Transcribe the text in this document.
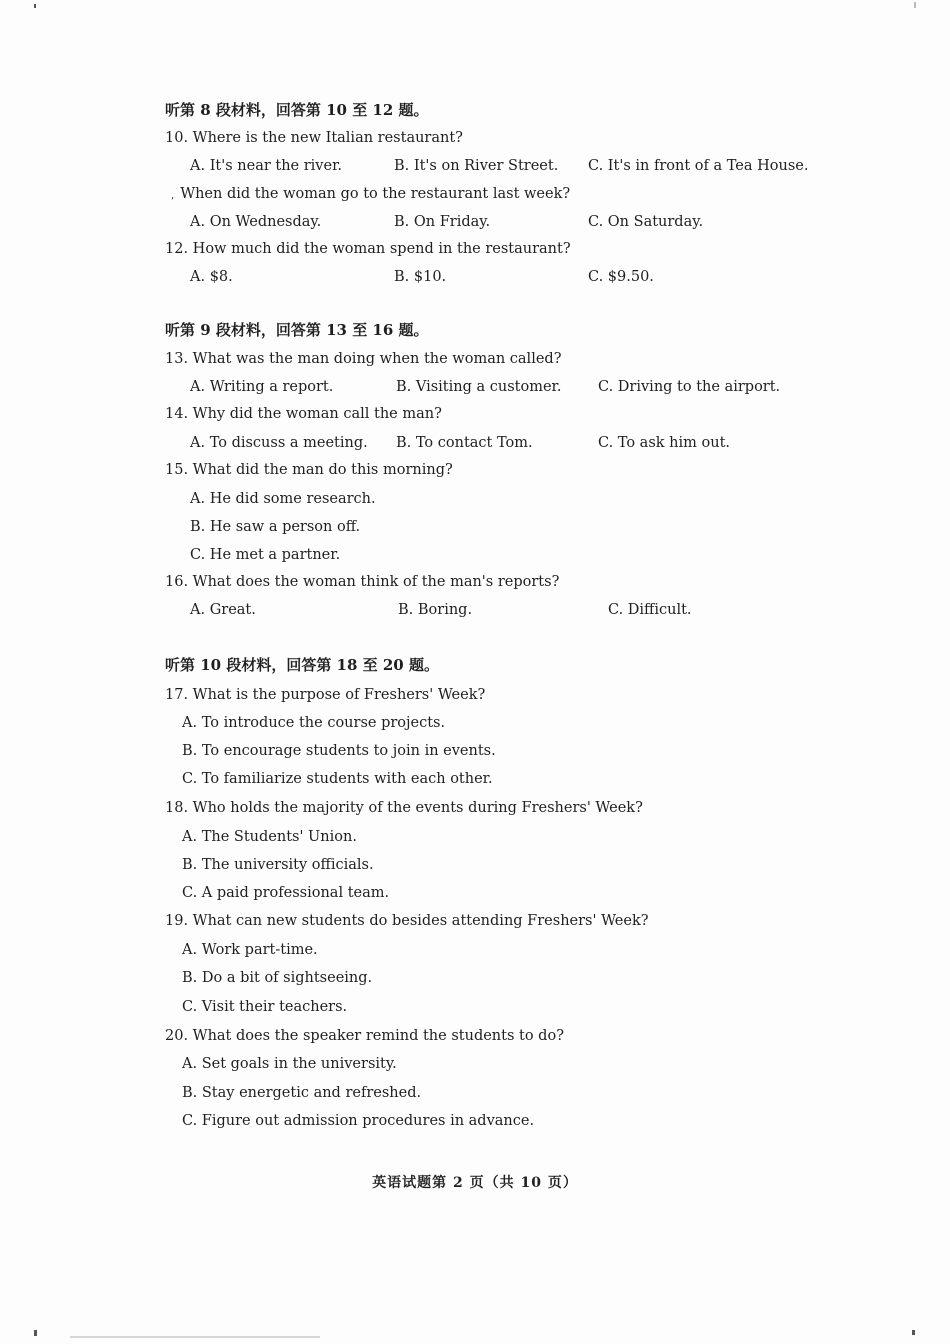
听第 8 段材料，回答第 10 至 12 题。
10. Where is the new Italian restaurant?
A. It's near the river.	B. It's on River Street. C. It's in front of a Tea House.
‚ When did the woman go to the restaurant last week?
A. On Wednesday.	B. On Friday.	C. On Saturday.
12. How much did the woman spend in the restaurant?
A. $8.	B. $10.	C. $9.50.
听第 9 段材料，回答第 13 至 16 题。
13. What was the man doing when the woman called?
A. Writing a report.	B. Visiting a customer.	C. Driving to the airport.
14. Why did the woman call the man?
A. To discuss a meeting. B. To contact Tom.	C. To ask him out.
15. What did the man do this morning?
A. He did some research.
B. He saw a person off.
C. He met a partner.
16. What does the woman think of the man's reports?
A. Great.	B. Boring.	C. Difficult.
听第 10 段材料，回答第 18 至 20 题。
17. What is the purpose of Freshers' Week?
A. To introduce the course projects.
B. To encourage students to join in events.
C. To familiarize students with each other.
18. Who holds the majority of the events during Freshers' Week?
A. The Students' Union.
B. The university officials.
C. A paid professional team.
19. What can new students do besides attending Freshers' Week?
A. Work part-time.
B. Do a bit of sightseeing.
C. Visit their teachers.
20. What does the speaker remind the students to do?
A. Set goals in the university.
B. Stay energetic and refreshed.
C. Figure out admission procedures in advance.
英语试题第 2 页（共 10 页）
